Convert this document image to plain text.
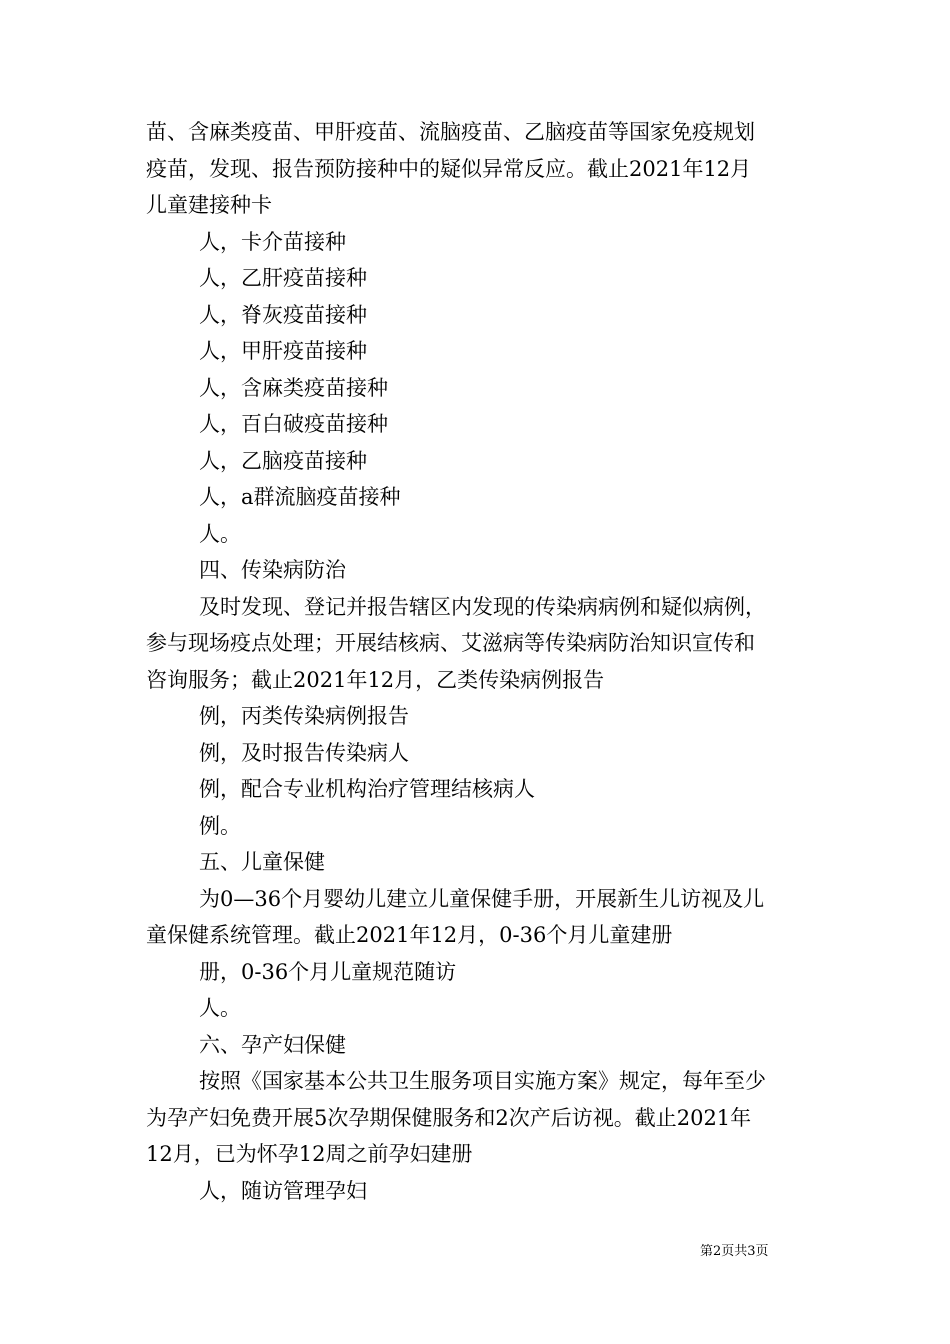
苗、含麻类疫苗、甲肝疫苗、流脑疫苗、乙脑疫苗等国家免疫规划
疫苗，发现、报告预防接种中的疑似异常反应。截止2021年12月
儿童建接种卡
人，卡介苗接种
人，乙肝疫苗接种
人，脊灰疫苗接种
人，甲肝疫苗接种
人，含麻类疫苗接种
人，百白破疫苗接种
人，乙脑疫苗接种
人，a群流脑疫苗接种
人。
四、传染病防治
及时发现、登记并报告辖区内发现的传染病病例和疑似病例，
参与现场疫点处理；开展结核病、艾滋病等传染病防治知识宣传和
咨询服务；截止2021年12月，乙类传染病例报告
例，丙类传染病例报告
例，及时报告传染病人
例，配合专业机构治疗管理结核病人
例。
五、儿童保健
为0—36个月婴幼儿建立儿童保健手册，开展新生儿访视及儿
童保健系统管理。截止2021年12月，0-36个月儿童建册
册，0-36个月儿童规范随访
人。
六、孕产妇保健
按照《国家基本公共卫生服务项目实施方案》规定，每年至少
为孕产妇免费开展5次孕期保健服务和2次产后访视。截止2021年
12月，已为怀孕12周之前孕妇建册
人，随访管理孕妇
第2页共3页
